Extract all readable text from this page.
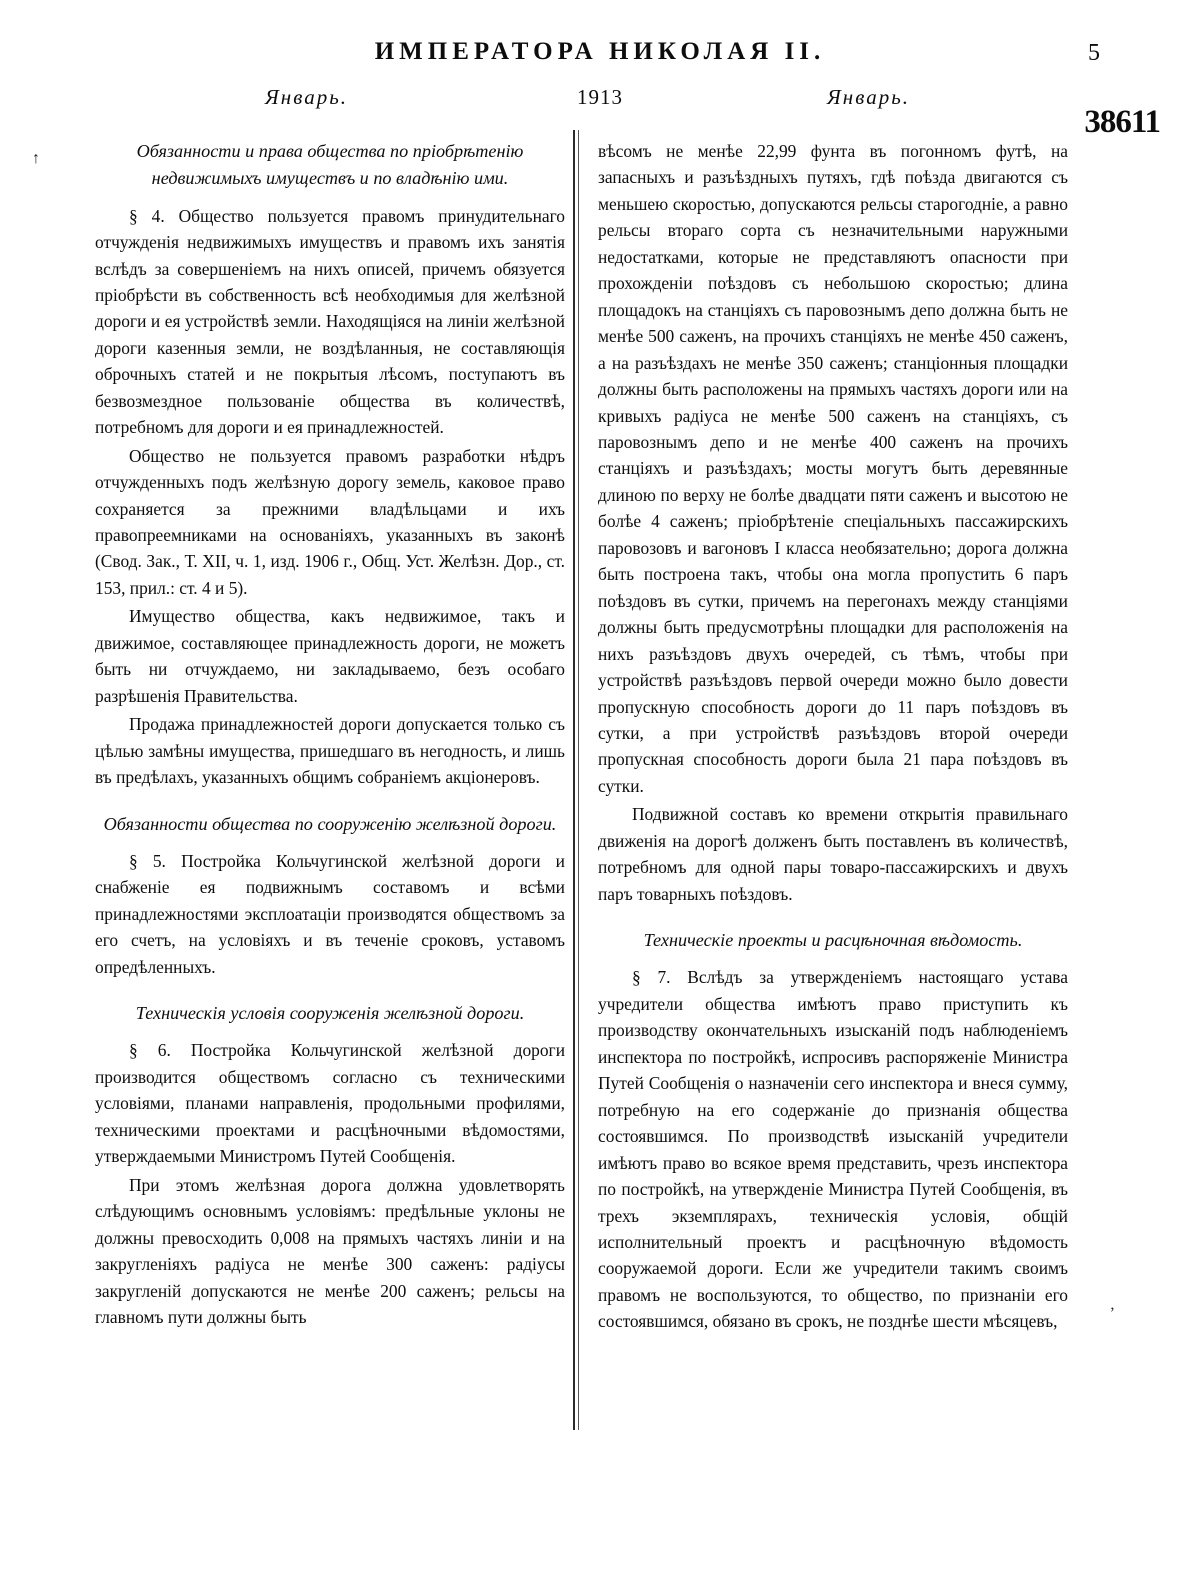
ИМПЕРАТОРА НИКОЛАЯ II.	5
Январь.	1913	Январь.
38611
↑
ʼ
Обязанности и права общества по прiобрѣтенiю недвижимыхъ имуществъ и по владѣнiю ими.

§ 4. Общество пользуется правомъ принудительнаго отчужденiя недвижимыхъ имуществъ и правомъ ихъ занятiя вслѣдъ за совершенiемъ на нихъ описей, причемъ обязуется прiобрѣсти въ собственность всѣ необходимыя для желѣзной дороги и ея устройствѣ земли. Находящiяся на линiи желѣзной дороги казенныя земли, не воздѣланныя, не составляющiя оброчныхъ статей и не покрытыя лѣсомъ, поступаютъ въ безвозмездное пользованiе общества въ количествѣ, потребномъ для дороги и ея принадлежностей.

Общество не пользуется правомъ разработки нѣдръ отчужденныхъ подъ желѣзную дорогу земель, каковое право сохраняется за прежними владѣльцами и ихъ правопреемниками на основанiяхъ, указанныхъ въ законѣ (Свод. Зак., Т. XII, ч. 1, изд. 1906 г., Общ. Уст. Желѣзн. Дор., ст. 153, прил.: ст. 4 и 5).

Имущество общества, какъ недвижимое, такъ и движимое, составляющее принадлежность дороги, не можетъ быть ни отчуждаемо, ни закладываемо, безъ особаго разрѣшенiя Правительства.

Продажа принадлежностей дороги допускается только съ цѣлью замѣны имущества, пришедшаго въ негодность, и лишь въ предѣлахъ, указанныхъ общимъ собранiемъ акцiонеровъ.

Обязанности общества по сооруженiю желѣзной дороги.

§ 5. Постройка Кольчугинской желѣзной дороги и снабженiе ея подвижнымъ составомъ и всѣми принадлежностями эксплоатацiи производятся обществомъ за его счетъ, на условiяхъ и въ теченiе сроковъ, уставомъ опредѣленныхъ.

Техническiя условiя сооруженiя желѣзной дороги.

§ 6. Постройка Кольчугинской желѣзной дороги производится обществомъ согласно съ техническими условiями, планами направленiя, продольными профилями, техническими проектами и расцѣночными вѣдомостями, утверждаемыми Министромъ Путей Сообщенiя.

При этомъ желѣзная дорога должна удовлетворять слѣдующимъ основнымъ условiямъ: предѣльные уклоны не должны превосходить 0,008 на прямыхъ частяхъ линiи и на закругленiяхъ радiуса не менѣе 300 саженъ: радiусы закругленiй допускаются не менѣе 200 саженъ; рельсы на главномъ пути должны быть

вѣсомъ не менѣе 22,99 фунта въ погонномъ футѣ, на запасныхъ и разъѣздныхъ путяхъ, гдѣ поѣзда двигаются съ меньшею скоростью, допускаются рельсы старогоднiе, а равно рельсы втораго сорта съ незначительными наружными недостатками, которые не представляютъ опасности при прохожденiи поѣздовъ съ небольшою скоростью; длина площадокъ на станцiяхъ съ паровознымъ депо должна быть не менѣе 500 саженъ, на прочихъ станцiяхъ не менѣе 450 саженъ, а на разъѣздахъ не менѣе 350 саженъ; станцiонныя площадки должны быть расположены на прямыхъ частяхъ дороги или на кривыхъ радiуса не менѣе 500 саженъ на станцiяхъ, съ паровознымъ депо и не менѣе 400 саженъ на прочихъ станцiяхъ и разъѣздахъ; мосты могутъ быть деревянные длиною по верху не болѣе двадцати пяти саженъ и высотою не болѣе 4 саженъ; прiобрѣтенiе спецiальныхъ пассажирскихъ паровозовъ и вагоновъ I класса необязательно; дорога должна быть построена такъ, чтобы она могла пропустить 6 паръ поѣздовъ въ сутки, причемъ на перегонахъ между станцiями должны быть предусмотрѣны площадки для расположенiя на нихъ разъѣздовъ двухъ очередей, съ тѣмъ, чтобы при устройствѣ разъѣздовъ первой очереди можно было довести пропускную способность дороги до 11 паръ поѣздовъ въ сутки, а при устройствѣ разъѣздовъ второй очереди пропускная способность дороги была 21 пара поѣздовъ въ сутки.

Подвижной составъ ко времени открытiя правильнаго движенiя на дорогѣ долженъ быть поставленъ въ количествѣ, потребномъ для одной пары товаро-пассажирскихъ и двухъ паръ товарныхъ поѣздовъ.

Техническiе проекты и расцѣночная вѣдомость.

§ 7. Вслѣдъ за утвержденiемъ настоящаго устава учредители общества имѣютъ право приступить къ производству окончательныхъ изысканiй подъ наблюденiемъ инспектора по постройкѣ, испросивъ распоряженiе Министра Путей Сообщенiя о назначенiи сего инспектора и внеся сумму, потребную на его содержанiе до признанiя общества состоявшимся. По производствѣ изысканiй учредители имѣютъ право во всякое время представить, чрезъ инспектора по постройкѣ, на утвержденiе Министра Путей Сообщенiя, въ трехъ экземплярахъ, техническiя условiя, общiй исполнительный проектъ и расцѣночную вѣдомость сооружаемой дороги. Если же учредители такимъ своимъ правомъ не воспользуются, то общество, по признанiи его состоявшимся, обязано въ срокъ, не позднѣе шести мѣсяцевъ,
